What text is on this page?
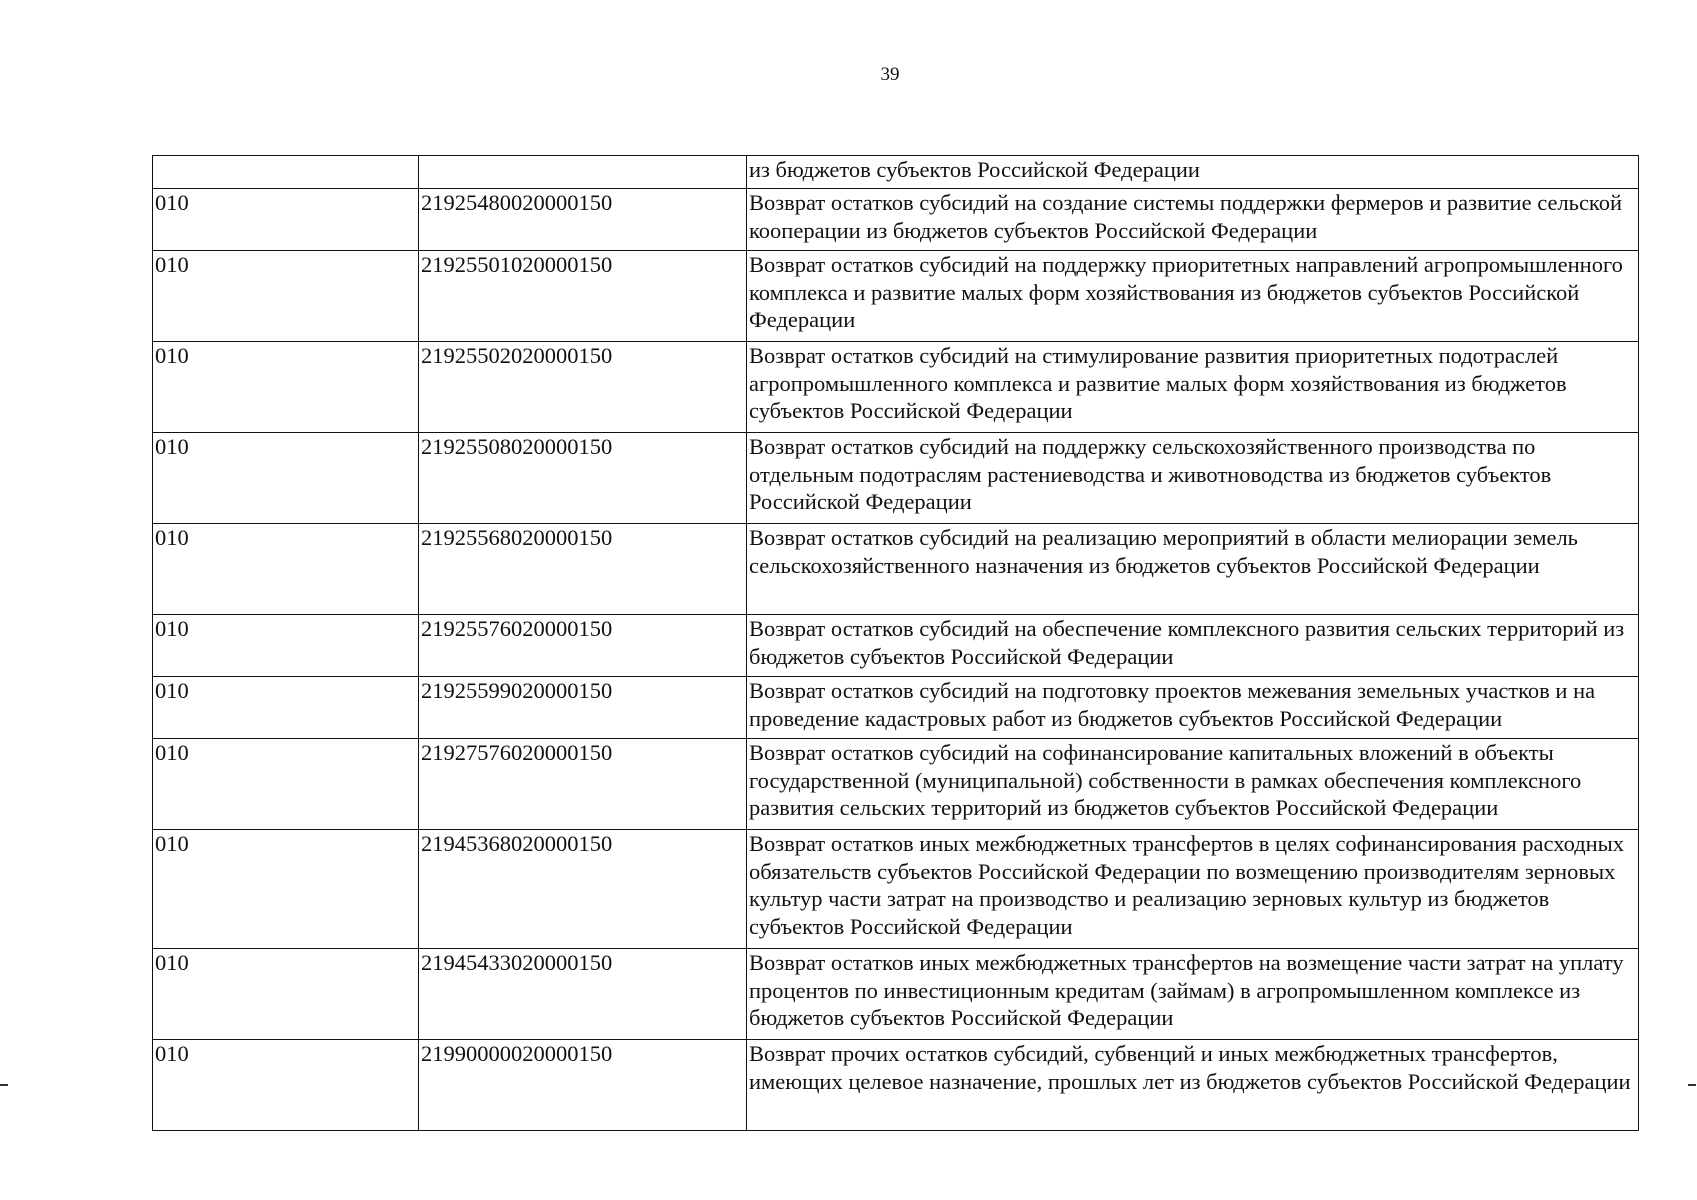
39
		из бюджетов субъектов Российской Федерации
010	21925480020000150	Возврат остатков субсидий на создание системы поддержки фермеров и развитие сельской кооперации из бюджетов субъектов Российской Федерации
010	21925501020000150	Возврат остатков субсидий на поддержку приоритетных направлений агропромышленного комплекса и развитие малых форм хозяйствования из бюджетов субъектов Российской Федерации
010	21925502020000150	Возврат остатков субсидий на стимулирование развития приоритетных подотраслей агропромышленного комплекса и развитие малых форм хозяйствования из бюджетов субъектов Российской Федерации
010	21925508020000150	Возврат остатков субсидий на поддержку сельскохозяйственного производства по отдельным подотраслям растениеводства и животноводства из бюджетов субъектов Российской Федерации
010	21925568020000150	Возврат остатков субсидий на реализацию мероприятий в области мелиорации земель сельскохозяйственного назначения из бюджетов субъектов Российской Федерации
010	21925576020000150	Возврат остатков субсидий на обеспечение комплексного развития сельских территорий из бюджетов субъектов Российской Федерации
010	21925599020000150	Возврат остатков субсидий на подготовку проектов межевания земельных участков и на проведение кадастровых работ из бюджетов субъектов Российской Федерации
010	21927576020000150	Возврат остатков субсидий на софинансирование капитальных вложений в объекты государственной (муниципальной) собственности в рамках обеспечения комплексного развития сельских территорий из бюджетов субъектов Российской Федерации
010	21945368020000150	Возврат остатков иных межбюджетных трансфертов в целях софинансирования расходных обязательств субъектов Российской Федерации по возмещению производителям зерновых культур части затрат на производство и реализацию зерновых культур из бюджетов субъектов Российской Федерации
010	21945433020000150	Возврат остатков иных межбюджетных трансфертов на возмещение части затрат на уплату процентов по инвестиционным кредитам (займам) в агропромышленном комплексе из бюджетов субъектов Российской Федерации
010	21990000020000150	Возврат прочих остатков субсидий, субвенций и иных межбюджетных трансфертов, имеющих целевое назначение, прошлых лет из бюджетов субъектов Российской Федерации
